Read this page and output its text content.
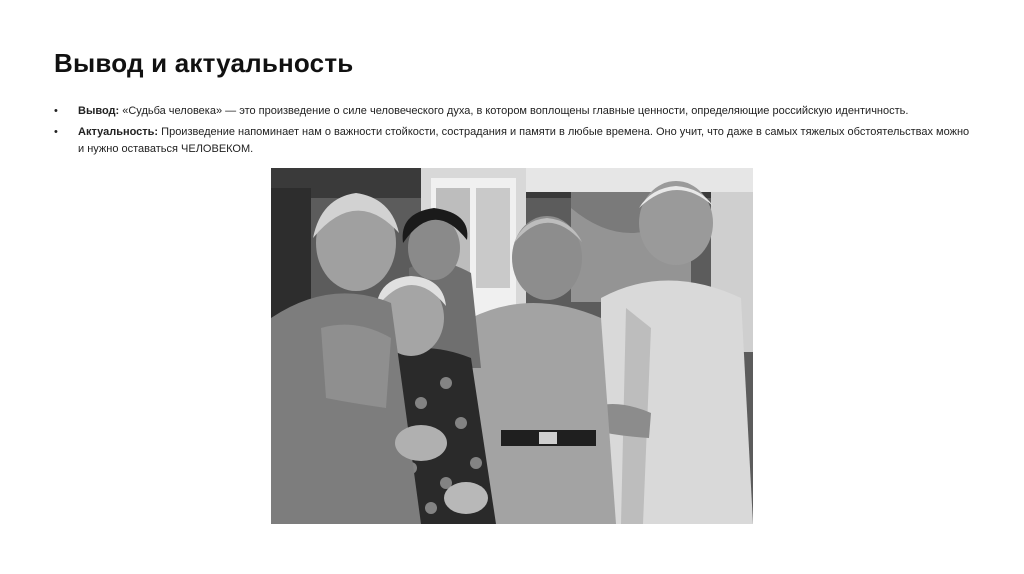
Вывод и актуальность
• Вывод: «Судьба человека» — это произведение о силе человеческого духа, в котором воплощены главные ценности, определяющие российскую идентичность.
• Актуальность: Произведение напоминает нам о важности стойкости, сострадания и памяти в любые времена. Оно учит, что даже в самых тяжелых обстоятельствах можно и нужно оставаться ЧЕЛОВЕКОМ.
